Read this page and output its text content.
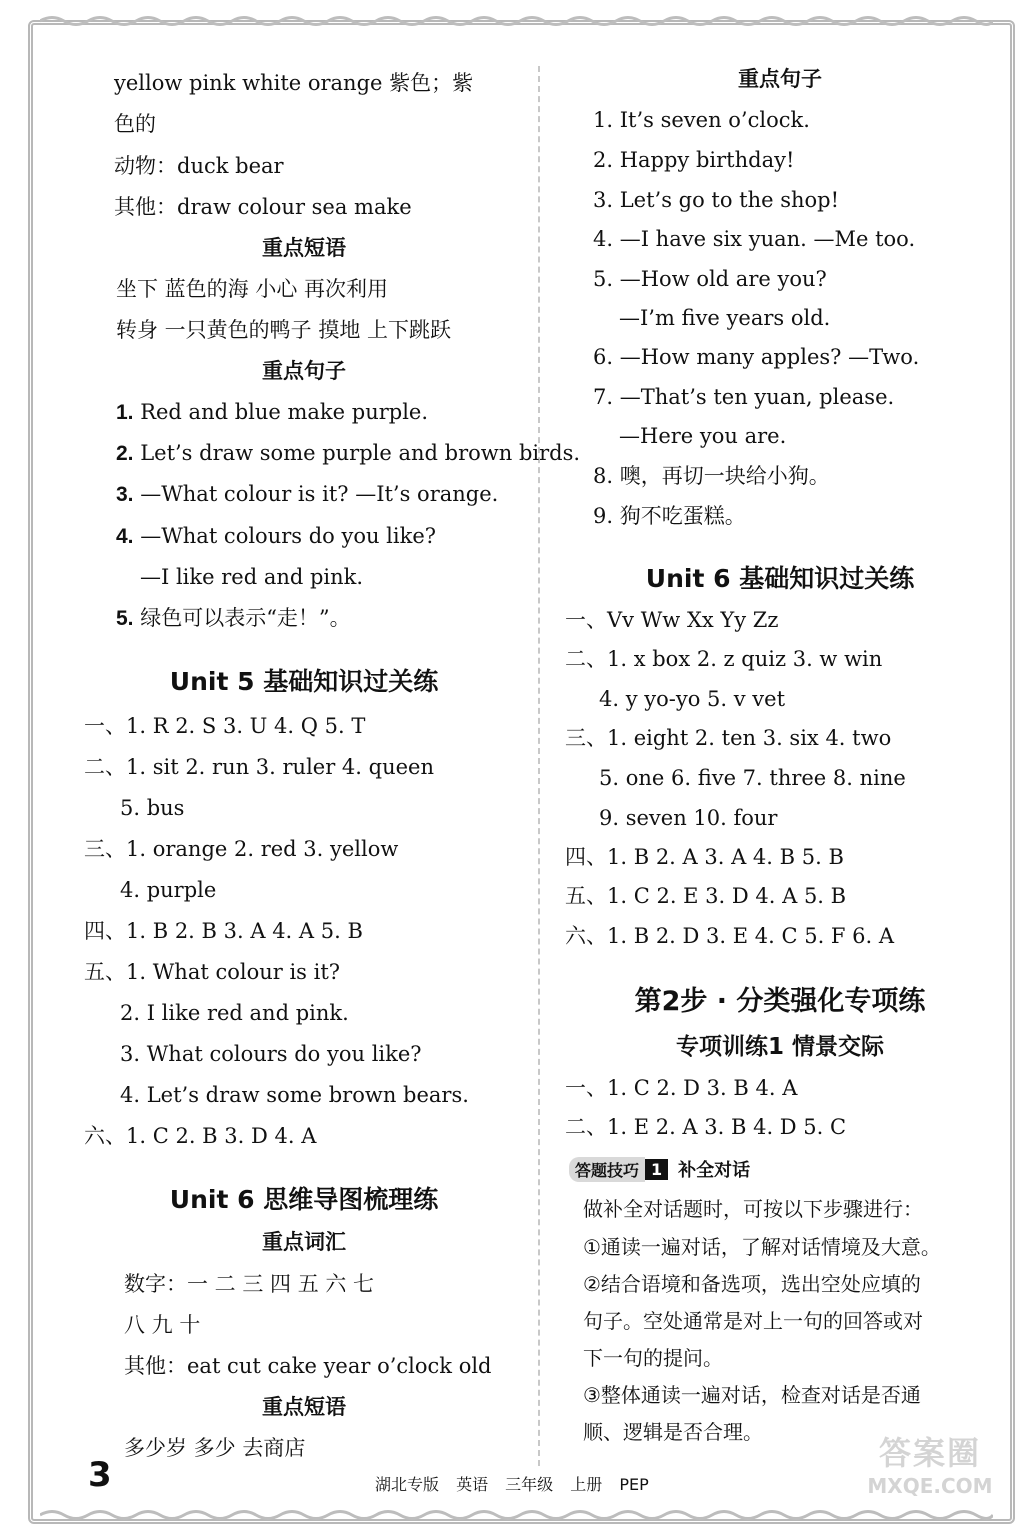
yellow pink white orange 紫色；紫
色的
动物：duck bear
其他：draw colour sea make
重点短语
坐下 蓝色的海 小心 再次利用
转身 一只黄色的鸭子 摸地 上下跳跃
重点句子
1. Red and blue make purple.
2. Let’s draw some purple and brown birds.
3. —What colour is it? —It’s orange.
4. —What colours do you like?
—I like red and pink.
5. 绿色可以表示“走！”。
Unit 5 基础知识过关练
一、1. R 2. S 3. U 4. Q 5. T
二、1. sit 2. run 3. ruler 4. queen
5. bus
三、1. orange 2. red 3. yellow
4. purple
四、1. B 2. B 3. A 4. A 5. B
五、1. What colour is it?
2. I like red and pink.
3. What colours do you like?
4. Let’s draw some brown bears.
六、1. C 2. B 3. D 4. A
Unit 6 思维导图梳理练
重点词汇
数字：一 二 三 四 五 六 七
八 九 十
其他：eat cut cake year o’clock old
重点短语
多少岁 多少 去商店
重点句子
1. It’s seven o’clock.
2. Happy birthday!
3. Let’s go to the shop!
4. —I have six yuan. —Me too.
5. —How old are you?
—I’m five years old.
6. —How many apples? —Two.
7. —That’s ten yuan, please.
—Here you are.
8. 噢，再切一块给小狗。
9. 狗不吃蛋糕。
Unit 6 基础知识过关练
一、Vv Ww Xx Yy Zz
二、1. x box 2. z quiz 3. w win
4. y yo-yo 5. v vet
三、1. eight 2. ten 3. six 4. two
5. one 6. five 7. three 8. nine
9. seven 10. four
四、1. B 2. A 3. A 4. B 5. B
五、1. C 2. E 3. D 4. A 5. B
六、1. B 2. D 3. E 4. C 5. F 6. A
第2步 · 分类强化专项练
专项训练1 情景交际
一、1. C 2. D 3. B 4. A
二、1. E 2. A 3. B 4. D 5. C
答题技巧 1 补全对话
做补全对话题时，可按以下步骤进行：
①通读一遍对话，了解对话情境及大意。
②结合语境和备选项，选出空处应填的
句子。空处通常是对上一句的回答或对
下一句的提问。
③整体通读一遍对话，检查对话是否通
顺、逻辑是否合理。
3	湖北专版 英语 三年级 上册 PEP
答案圈
MXQE.COM
